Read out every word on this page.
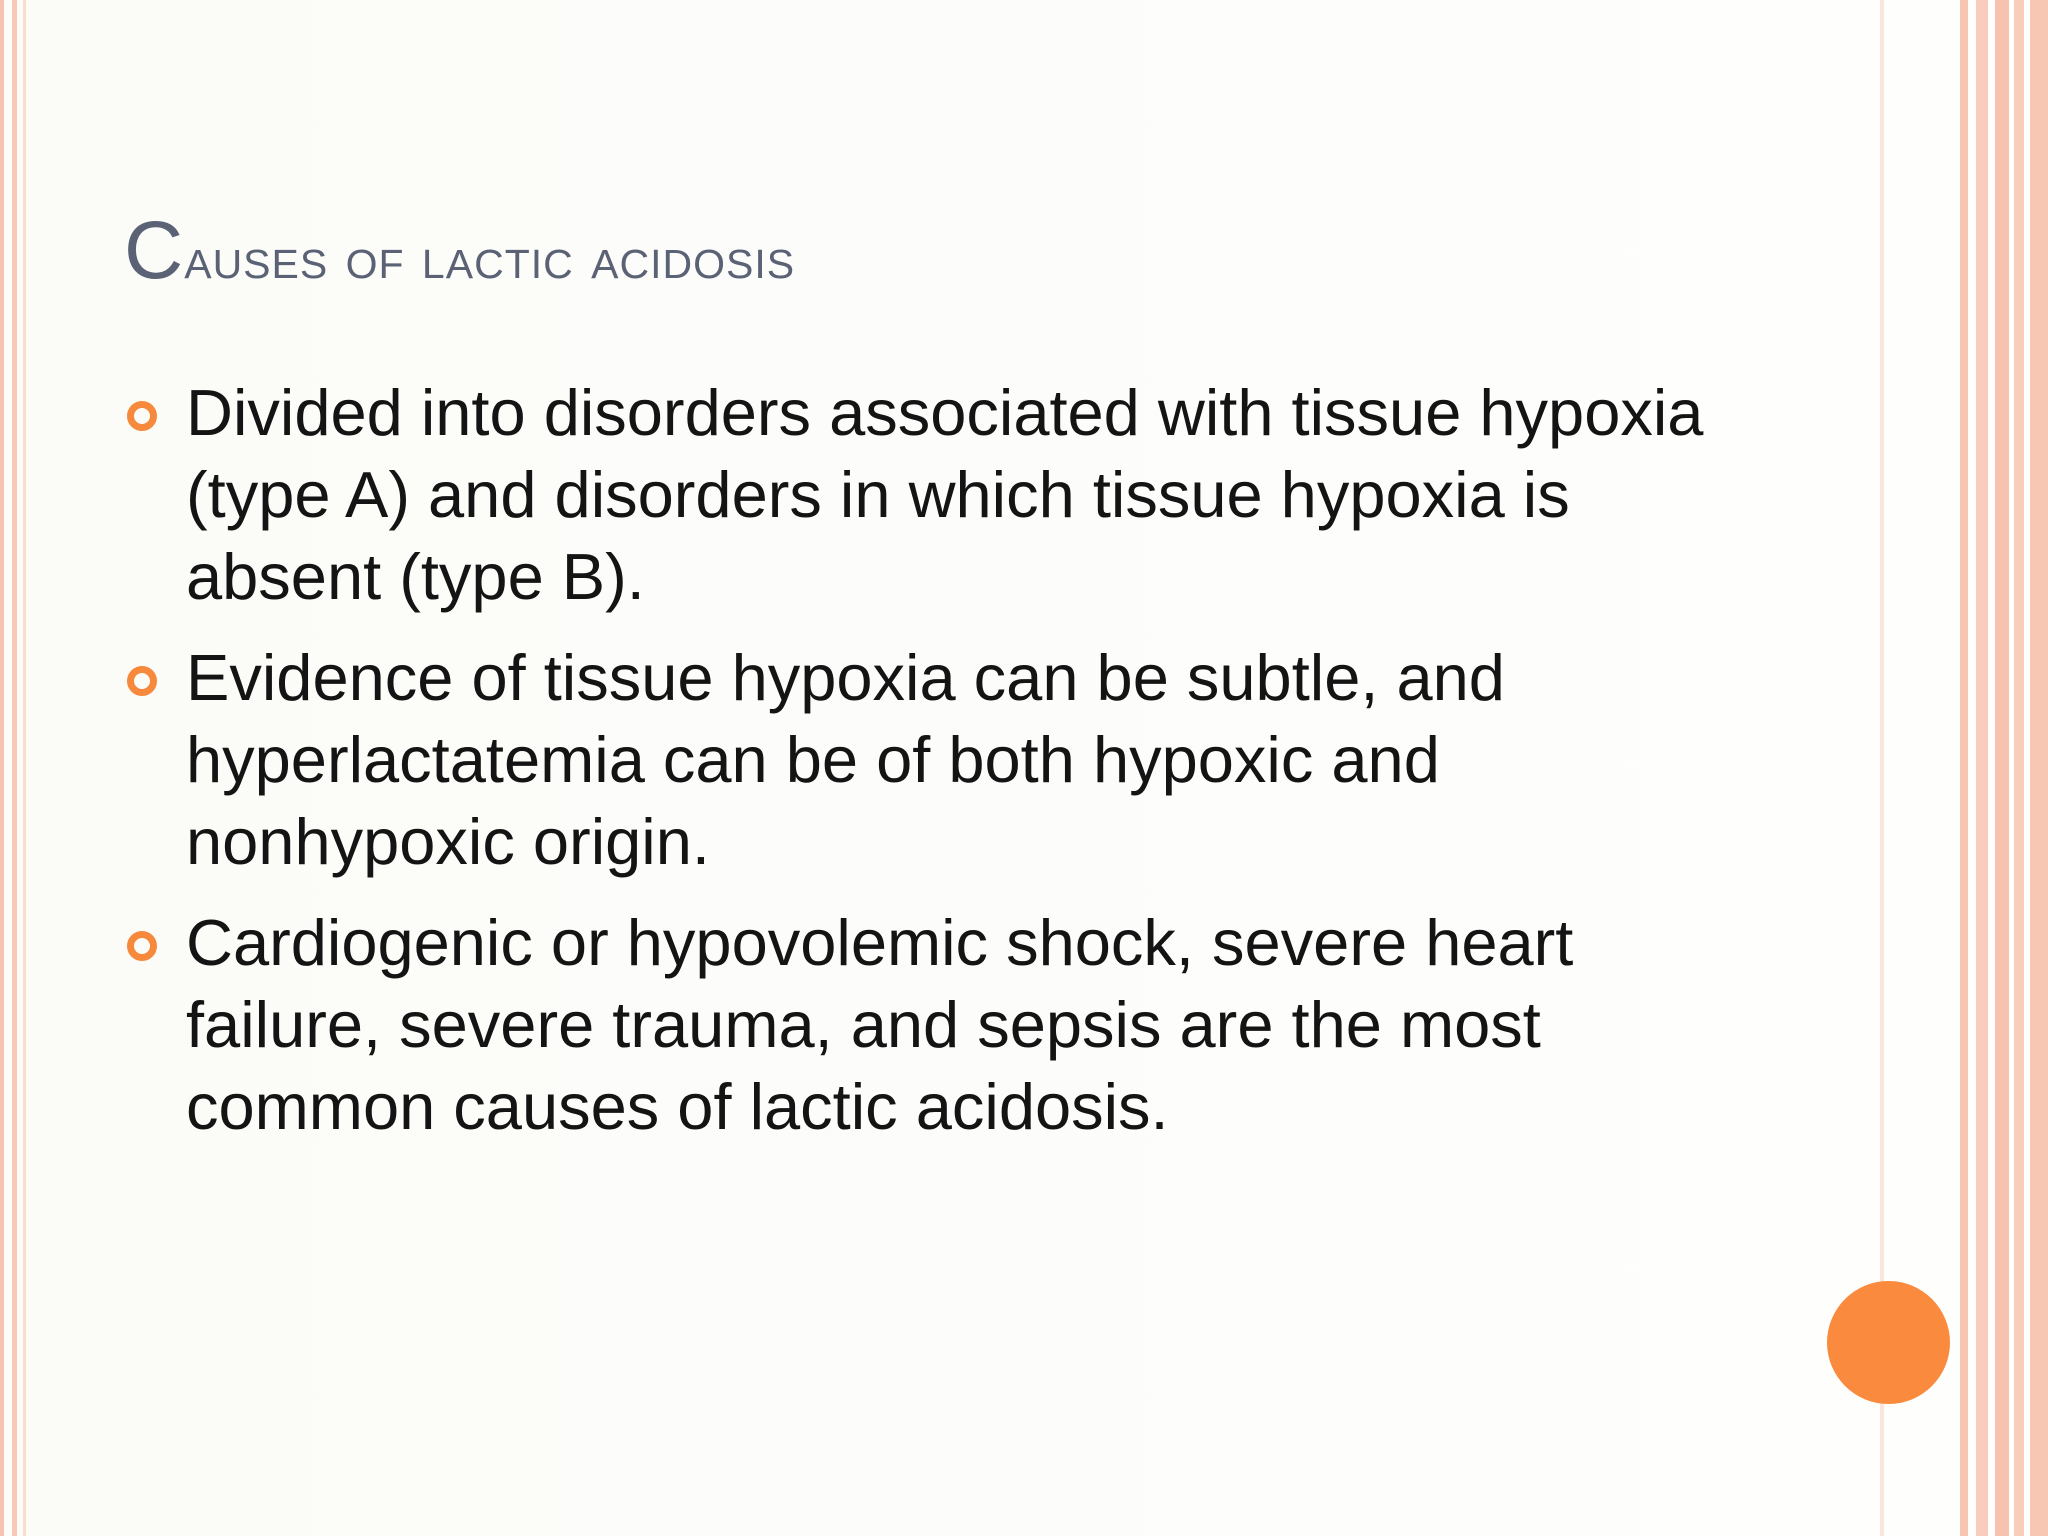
Causes of lactic acidosis
Divided into disorders associated with tissue hypoxia (type A) and disorders in which tissue hypoxia is absent (type B).
Evidence of tissue hypoxia can be subtle, and hyperlactatemia can be of both hypoxic and nonhypoxic origin.
Cardiogenic or hypovolemic shock, severe heart failure, severe trauma, and sepsis are the most common causes of lactic acidosis.
